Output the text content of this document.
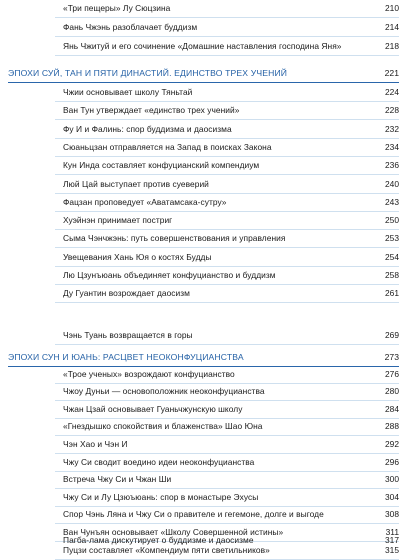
«Три пещеры» Лу Сюцзина	210
Фань Чжэнь разоблачает буддизм	214
Янь Чжитуй и его сочинение «Домашние наставления господина Яня»	218
ЭПОХИ СУЙ, ТАН И ПЯТИ ДИНАСТИЙ. ЕДИНСТВО ТРЕХ УЧЕНИЙ	221
Чжии основывает школу Тяньтай	224
Ван Тун утверждает «единство трех учений»	228
Фу И и Фалинь: спор буддизма и даосизма	232
Сюаньцзан отправляется на Запад в поисках Закона	234
Кун Инда составляет конфуцианский компендиум	236
Люй Цай выступает против суеверий	240
Фацзан проповедует «Аватамсака-сутру»	243
Хуэйнэн принимает постриг	250
Сыма Чэнчжэнь: путь совершенствования и управления	253
Увещевания Хань Юя о костях Будды	254
Лю Цзунъюань объединяет конфуцианство и буддизм	258
Ду Гуантин возрождает даосизм	261
Чэнь Туань возвращается в горы	269
ЭПОХИ СУН И ЮАНЬ: РАСЦВЕТ НЕОКОНФУЦИАНСТВА	273
«Трое ученых» возрождают конфуцианство	276
Чжоу Дуньи — основоположник неоконфуцианства	280
Чжан Цзай основывает Гуаньчжунскую школу	284
«Гнездышко спокойствия и блаженства» Шао Юна	288
Чэн Хао и Чэн И	292
Чжу Си сводит воедино идеи неоконфуцианства	296
Встреча Чжу Си и Чжан Ши	300
Чжу Си и Лу Цзюъюань: спор в монастыре Эхусы	304
Спор Чэнь Ляна и Чжу Си о правителе и гегемоне, долге и выгоде	308
Ван Чунъян основывает «Школу Совершенной истины»	311
Пуцзи составляет «Компендиум пяти светильников»	315
Пагба-лама дискутирует о буддизме и даосизме	317
